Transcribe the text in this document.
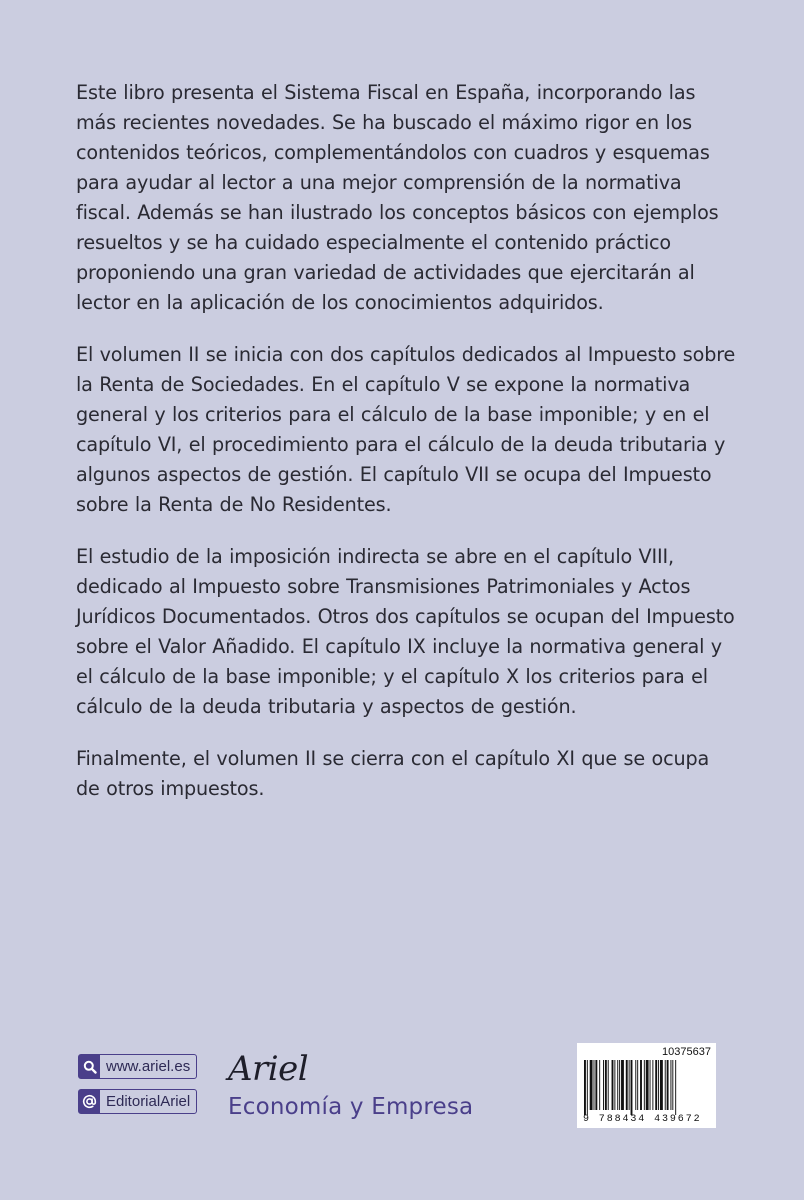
Este libro presenta el Sistema Fiscal en España, incorporando las más recientes novedades. Se ha buscado el máximo rigor en los contenidos teóricos, complementándolos con cuadros y esquemas para ayudar al lector a una mejor comprensión de la normativa fiscal. Además se han ilustrado los conceptos básicos con ejemplos resueltos y se ha cuidado especialmente el contenido práctico proponiendo una gran variedad de actividades que ejercitarán al lector en la aplicación de los conocimientos adquiridos.

El volumen II se inicia con dos capítulos dedicados al Impuesto sobre la Renta de Sociedades. En el capítulo V se expone la normativa general y los criterios para el cálculo de la base imponible; y en el capítulo VI, el procedimiento para el cálculo de la deuda tributaria y algunos aspectos de gestión. El capítulo VII se ocupa del Impuesto sobre la Renta de No Residentes.

El estudio de la imposición indirecta se abre en el capítulo VIII, dedicado al Impuesto sobre Transmisiones Patrimoniales y Actos Jurídicos Documentados. Otros dos capítulos se ocupan del Impuesto sobre el Valor Añadido. El capítulo IX incluye la normativa general y el cálculo de la base imponible; y el capítulo X los criterios para el cálculo de la deuda tributaria y aspectos de gestión.

Finalmente, el volumen II se cierra con el capítulo XI que se ocupa de otros impuestos.

www.ariel.es
EditorialAriel
Ariel
Economía y Empresa
10375637
9 788434 439672
